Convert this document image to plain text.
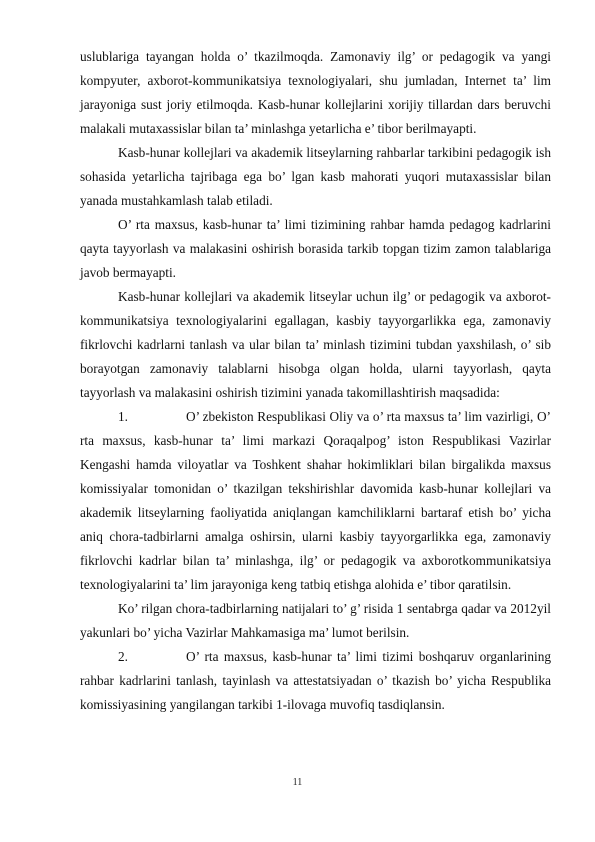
uslublariga tayangan holda o’ tkazilmoqda. Zamonaviy ilg’ or pedagogik va yangi kompyuter, axborot-kommunikatsiya texnologiyalari, shu jumladan, Internet ta’ lim jarayoniga sust joriy etilmoqda. Kasb-hunar kollejlarini xorijiy tillardan dars beruvchi malakali mutaxassislar bilan ta’ minlashga yetarlicha e’ tibor berilmayapti.

Kasb-hunar kollejlari va akademik litseylarning rahbarlar tarkibini pedagogik ish sohasida yetarlicha tajribaga ega bo’ lgan kasb mahorati yuqori mutaxassislar bilan yanada mustahkamlash talab etiladi.

O’ rta maxsus, kasb-hunar ta’ limi tizimining rahbar hamda pedagog kadrlarini qayta tayyorlash va malakasini oshirish borasida tarkib topgan tizim zamon talablariga javob bermayapti.

Kasb-hunar kollejlari va akademik litseylar uchun ilg’ or pedagogik va axborot-kommunikatsiya texnologiyalarini egallagan, kasbiy tayyorgarlikka ega, zamonaviy fikrlovchi kadrlarni tanlash va ular bilan ta’ minlash tizimini tubdan yaxshilash, o’ sib borayotgan zamonaviy talablarni hisobga olgan holda, ularni tayyorlash, qayta tayyorlash va malakasini oshirish tizimini yanada takomillashtirish maqsadida:

1.	O’ zbekiston Respublikasi Oliy va o’ rta maxsus ta’ lim vazirligi, O’ rta maxsus, kasb-hunar ta’ limi markazi Qoraqalpog’ iston Respublikasi Vazirlar Kengashi hamda viloyatlar va Toshkent shahar hokimliklari bilan birgalikda maxsus komissiyalar tomonidan o’ tkazilgan tekshirishlar davomida kasb-hunar kollejlari va akademik litseylarning faoliyatida aniqlangan kamchiliklarni bartaraf etish bo’ yicha aniq chora-tadbirlarni amalga oshirsin, ularni kasbiy tayyorgarlikka ega, zamonaviy fikrlovchi kadrlar bilan ta’ minlashga, ilg’ or pedagogik va axborotkommunikatsiya texnologiyalarini ta’ lim jarayoniga keng tatbiq etishga alohida e’ tibor qaratilsin.

Ko’ rilgan chora-tadbirlarning natijalari to’ g’ risida 1 sentabrga qadar va 2012yil yakunlari bo’ yicha Vazirlar Mahkamasiga ma’ lumot berilsin.

2.	O’ rta maxsus, kasb-hunar ta’ limi tizimi boshqaruv organlarining rahbar kadrlarini tanlash, tayinlash va attestatsiyadan o’ tkazish bo’ yicha Respublika komissiyasining yangilangan tarkibi 1-ilovaga muvofiq tasdiqlansin.

11
